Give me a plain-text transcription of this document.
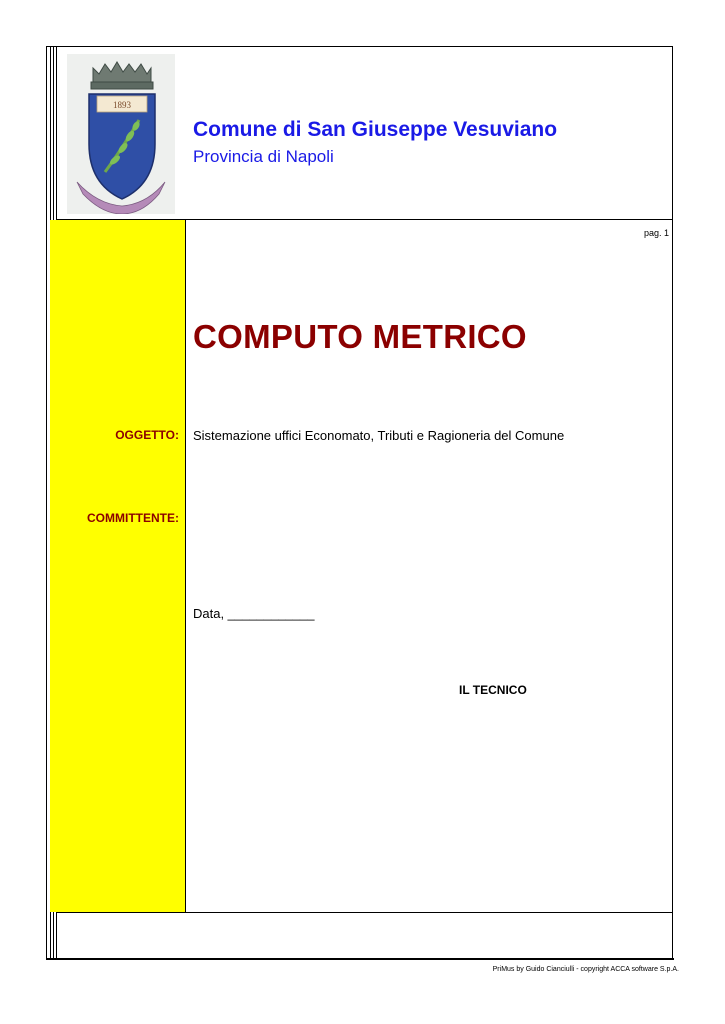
1893
Comune di San Giuseppe Vesuviano
Provincia di Napoli
pag. 1
COMPUTO METRICO
OGGETTO: Sistemazione uffici Economato, Tributi e Ragioneria del Comune
COMMITTENTE:
Data, ____________
IL TECNICO
PriMus by Guido Cianciulli - copyright ACCA software S.p.A.
